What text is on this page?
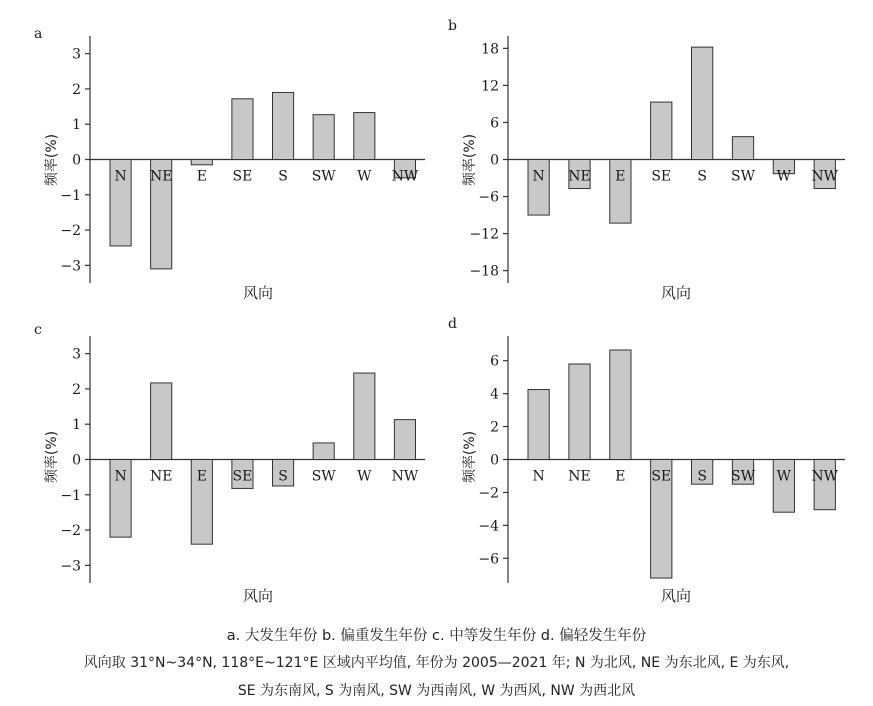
a
−3
−2
−1
0
1
2
3
N NE E SE S SW W NW
风向
频率(%)
b
−18
−12
−6
0
6
12
18
N NE E SE S SW W NW
风向
频率(%)
c
−3
−2
−1
0
1
2
3
N NE E SE S SW W NW
风向
频率(%)
d
−6
−4
−2
0
2
4
6
N NE E SE S SW W NW
风向
频率(%)
a. 大发生年份 b. 偏重发生年份 c. 中等发生年份 d. 偏轻发生年份
风向取 31°N~34°N, 118°E~121°E 区域内平均值, 年份为 2005—2021 年; N 为北风, NE 为东北风, E 为东风,
SE 为东南风, S 为南风, SW 为西南风, W 为西风, NW 为西北风
